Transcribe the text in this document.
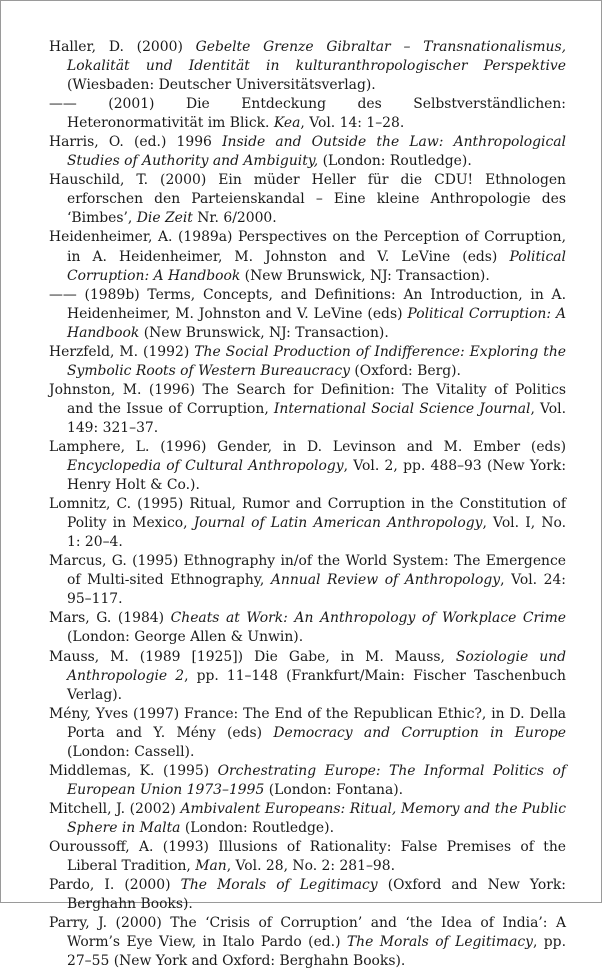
Haller, D. (2000) Gebelte Grenze Gibraltar – Transnationalismus, Lokalität und Identität in kulturanthropologischer Perspektive (Wiesbaden: Deutscher Universitätsverlag).
—— (2001) Die Entdeckung des Selbstverständlichen: Heteronormativität im Blick. Kea, Vol. 14: 1–28.
Harris, O. (ed.) 1996 Inside and Outside the Law: Anthropological Studies of Authority and Ambiguity, (London: Routledge).
Hauschild, T. (2000) Ein müder Heller für die CDU! Ethnologen erforschen den Parteienskandal – Eine kleine Anthropologie des ‘Bimbes’, Die Zeit Nr. 6/2000.
Heidenheimer, A. (1989a) Perspectives on the Perception of Corruption, in A. Heidenheimer, M. Johnston and V. LeVine (eds) Political Corruption: A Handbook (New Brunswick, NJ: Transaction).
—— (1989b) Terms, Concepts, and Definitions: An Introduction, in A. Heidenheimer, M. Johnston and V. LeVine (eds) Political Corruption: A Handbook (New Brunswick, NJ: Transaction).
Herzfeld, M. (1992) The Social Production of Indifference: Exploring the Symbolic Roots of Western Bureaucracy (Oxford: Berg).
Johnston, M. (1996) The Search for Definition: The Vitality of Politics and the Issue of Corruption, International Social Science Journal, Vol. 149: 321–37.
Lamphere, L. (1996) Gender, in D. Levinson and M. Ember (eds) Encyclopedia of Cultural Anthropology, Vol. 2, pp. 488–93 (New York: Henry Holt & Co.).
Lomnitz, C. (1995) Ritual, Rumor and Corruption in the Constitution of Polity in Mexico, Journal of Latin American Anthropology, Vol. I, No. 1: 20–4.
Marcus, G. (1995) Ethnography in/of the World System: The Emergence of Multi-sited Ethnography, Annual Review of Anthropology, Vol. 24: 95–117.
Mars, G. (1984) Cheats at Work: An Anthropology of Workplace Crime (London: George Allen & Unwin).
Mauss, M. (1989 [1925]) Die Gabe, in M. Mauss, Soziologie und Anthropologie 2, pp. 11–148 (Frankfurt/Main: Fischer Taschenbuch Verlag).
Mény, Yves (1997) France: The End of the Republican Ethic?, in D. Della Porta and Y. Mény (eds) Democracy and Corruption in Europe (London: Cassell).
Middlemas, K. (1995) Orchestrating Europe: The Informal Politics of European Union 1973–1995 (London: Fontana).
Mitchell, J. (2002) Ambivalent Europeans: Ritual, Memory and the Public Sphere in Malta (London: Routledge).
Ouroussoff, A. (1993) Illusions of Rationality: False Premises of the Liberal Tradition, Man, Vol. 28, No. 2: 281–98.
Pardo, I. (2000) The Morals of Legitimacy (Oxford and New York: Berghahn Books).
Parry, J. (2000) The ‘Crisis of Corruption’ and ‘the Idea of India’: A Worm’s Eye View, in Italo Pardo (ed.) The Morals of Legitimacy, pp. 27–55 (New York and Oxford: Berghahn Books).
